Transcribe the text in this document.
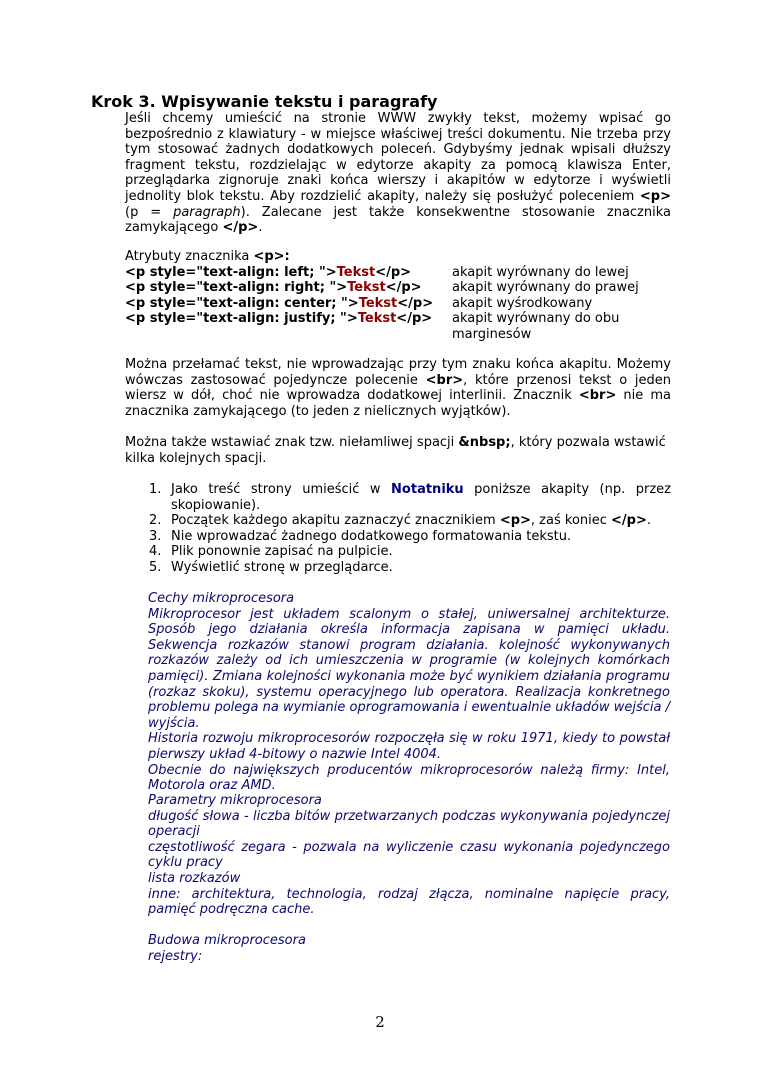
Krok 3. Wpisywanie tekstu i paragrafy

Jeśli chcemy umieścić na stronie WWW zwykły tekst, możemy wpisać go bezpośrednio z klawiatury - w miejsce właściwej treści dokumentu. Nie trzeba przy tym stosować żadnych dodatkowych poleceń. Gdybyśmy jednak wpisali dłuższy fragment tekstu, rozdzielając w edytorze akapity za pomocą klawisza Enter, przeglądarka zignoruje znaki końca wierszy i akapitów w edytorze i wyświetli jednolity blok tekstu. Aby rozdzielić akapity, należy się posłużyć poleceniem <p> (p = paragraph). Zalecane jest także konsekwentne stosowanie znacznika zamykającego </p>.

Atrybuty znacznika <p>:

<p style="text-align: left; ">Tekst</p>	akapit wyrównany do lewej
<p style="text-align: right; ">Tekst</p> akapit wyrównany do prawej
<p style="text-align: center; ">Tekst</p> akapit wyśrodkowany
<p style="text-align: justify; ">Tekst</p> akapit wyrównany do obu marginesów

Można przełamać tekst, nie wprowadzając przy tym znaku końca akapitu. Możemy wówczas zastosować pojedyncze polecenie <br>, które przenosi tekst o jeden wiersz w dół, choć nie wprowadza dodatkowej interlinii. Znacznik <br> nie ma znacznika zamykającego (to jeden z nielicznych wyjątków).

Można także wstawiać znak tzw. niełamliwej spacji &nbsp;, który pozwala wstawić kilka kolejnych spacji.

1. Jako treść strony umieścić w Notatniku poniższe akapity (np. przez skopiowanie).
2. Początek każdego akapitu zaznaczyć znacznikiem <p>, zaś koniec </p>.
3. Nie wprowadzać żadnego dodatkowego formatowania tekstu.
4. Plik ponownie zapisać na pulpicie.
5. Wyświetlić stronę w przeglądarce.

Cechy mikroprocesora

Mikroprocesor jest układem scalonym o stałej, uniwersalnej architekturze. Sposób jego działania określa informacja zapisana w pamięci układu. Sekwencja rozkazów stanowi program działania. kolejność wykonywanych rozkazów zależy od ich umieszczenia w programie (w kolejnych komórkach pamięci). Zmiana kolejności wykonania może być wynikiem działania programu (rozkaz skoku), systemu operacyjnego lub operatora. Realizacja konkretnego problemu polega na wymianie oprogramowania i ewentualnie układów wejścia / wyjścia.

Historia rozwoju mikroprocesorów rozpoczęła się w roku 1971, kiedy to powstał pierwszy układ 4-bitowy o nazwie Intel 4004.

Obecnie do największych producentów mikroprocesorów należą firmy: Intel, Motorola oraz AMD.

Parametry mikroprocesora

długość słowa - liczba bitów przetwarzanych podczas wykonywania pojedynczej operacji

częstotliwość zegara - pozwala na wyliczenie czasu wykonania pojedynczego cyklu pracy

lista rozkazów

inne: architektura, technologia, rodzaj złącza, nominalne napięcie pracy, pamięć podręczna cache.

Budowa mikroprocesora

rejestry:

2
